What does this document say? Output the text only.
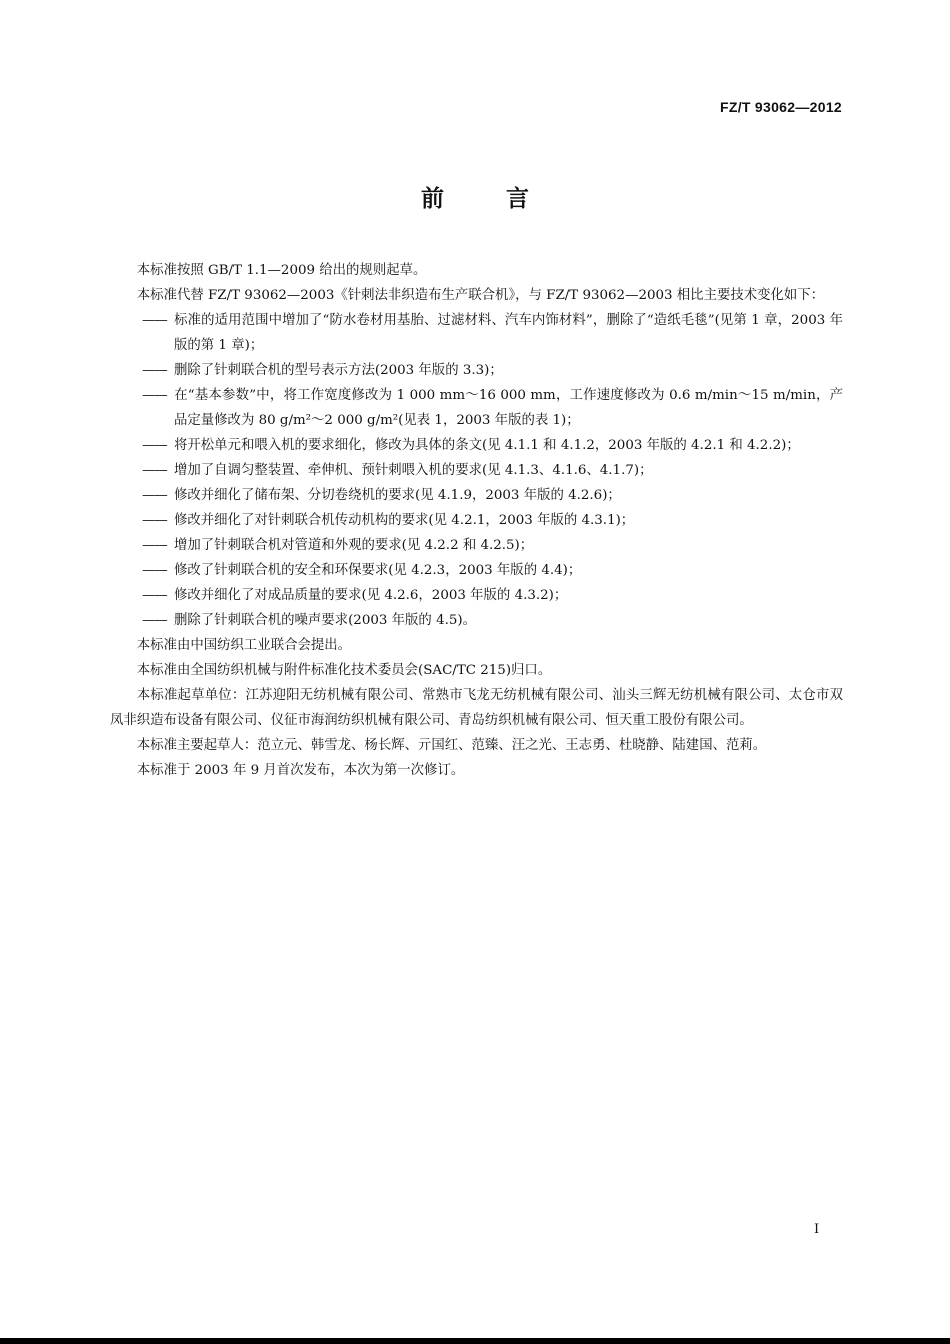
FZ/T 93062—2012
前言

本标准按照 GB/T 1.1—2009 给出的规则起草。

本标准代替 FZ/T 93062—2003《针刺法非织造布生产联合机》，与 FZ/T 93062—2003 相比主要技术变化如下：

—— 标准的适用范围中增加了“防水卷材用基胎、过滤材料、汽车内饰材料”，删除了“造纸毛毯”(见第 1 章，2003 年版的第 1 章)；

—— 删除了针刺联合机的型号表示方法(2003 年版的 3.3)；

—— 在“基本参数”中，将工作宽度修改为 1 000 mm～16 000 mm，工作速度修改为 0.6 m/min～15 m/min，产品定量修改为 80 g/m²～2 000 g/m²(见表 1，2003 年版的表 1)；

—— 将开松单元和喂入机的要求细化，修改为具体的条文(见 4.1.1 和 4.1.2，2003 年版的 4.2.1 和 4.2.2)；

—— 增加了自调匀整装置、牵伸机、预针刺喂入机的要求(见 4.1.3、4.1.6、4.1.7)；

—— 修改并细化了储布架、分切卷绕机的要求(见 4.1.9，2003 年版的 4.2.6)；

—— 修改并细化了对针刺联合机传动机构的要求(见 4.2.1，2003 年版的 4.3.1)；

—— 增加了针刺联合机对管道和外观的要求(见 4.2.2 和 4.2.5)；

—— 修改了针刺联合机的安全和环保要求(见 4.2.3，2003 年版的 4.4)；

—— 修改并细化了对成品质量的要求(见 4.2.6，2003 年版的 4.3.2)；

—— 删除了针刺联合机的噪声要求(2003 年版的 4.5)。

本标准由中国纺织工业联合会提出。

本标准由全国纺织机械与附件标准化技术委员会(SAC/TC 215)归口。

本标准起草单位：江苏迎阳无纺机械有限公司、常熟市飞龙无纺机械有限公司、汕头三辉无纺机械有限公司、太仓市双凤非织造布设备有限公司、仪征市海润纺织机械有限公司、青岛纺织机械有限公司、恒天重工股份有限公司。

本标准主要起草人：范立元、韩雪龙、杨长辉、亓国红、范臻、汪之光、王志勇、杜晓静、陆建国、范莉。

本标准于 2003 年 9 月首次发布，本次为第一次修订。

I
